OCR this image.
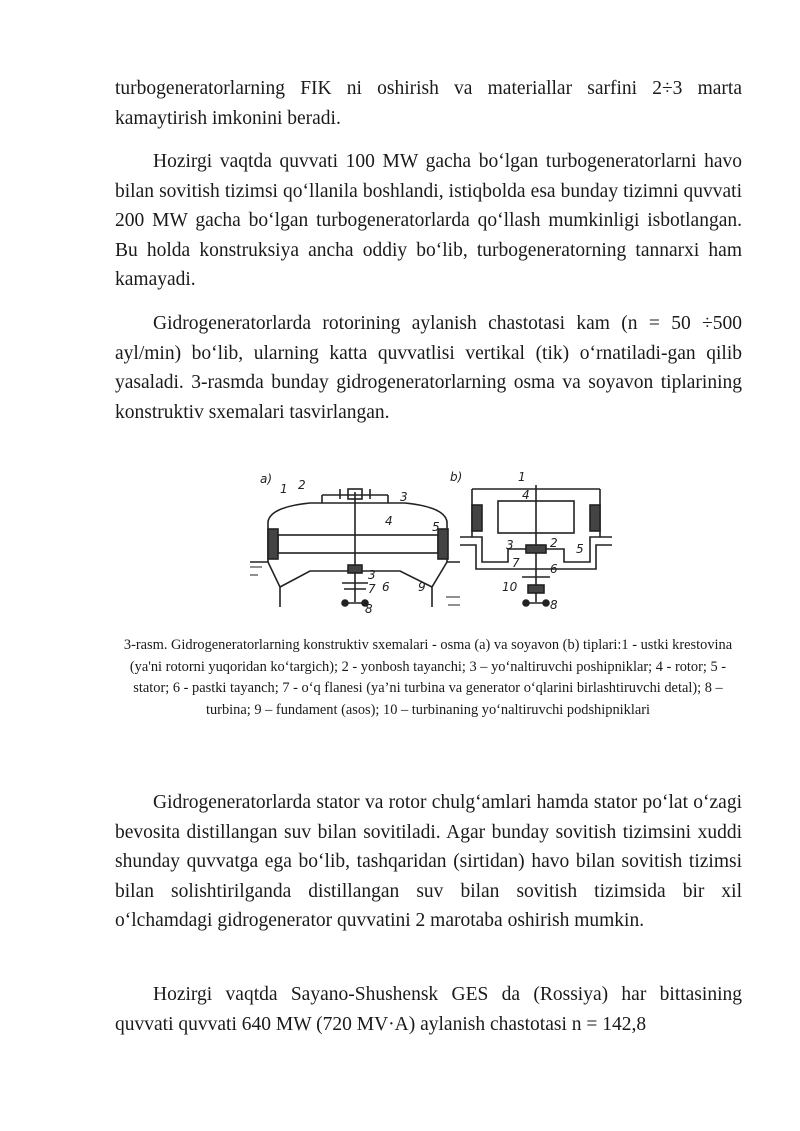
turbogeneratorlarning FIK ni oshirish va materiallar sarfini 2÷3 marta kamaytirish imkonini beradi.

Hozirgi vaqtda quvvati 100 MW gacha bo‘lgan turbogeneratorlarni havo bilan sovitish tizimsi qo‘llanila boshlandi, istiqbolda esa bunday tizimni quvvati 200 MW gacha bo‘lgan turbogeneratorlarda qo‘llash mumkinligi isbotlangan. Bu holda konstruksiya ancha oddiy bo‘lib, turbogeneratorning tannarxi ham kamayadi.

Gidrogeneratorlarda rotorining aylanish chastotasi kam (n = 50 ÷500 ayl/min) bo‘lib, ularning katta quvvatlisi vertikal (tik) o‘rnatiladi-gan qilib yasaladi. 3-rasmda bunday gidrogeneratorlarning osma va soyavon tiplarining konstruktiv sxemalari tasvirlangan.

a)	b)
1 2
3
4	5
3
7
8
6 9
1
4
3	2 5
7	6
10
8

3-rasm. Gidrogeneratorlarning konstruktiv sxemalari - osma (a) va soyavon (b) tiplari:1 - ustki krestovina (ya'ni rotorni yuqoridan ko‘targich); 2 - yonbosh tayanchi; 3 – yo‘naltiruvchi poshipniklar; 4 - rotor; 5 - stator; 6 - pastki tayanch; 7 - o‘q flanesi (ya’ni turbina va generator o‘qlarini birlashtiruvchi detal); 8 – turbina; 9 – fundament (asos); 10 – turbinaning yo‘naltiruvchi podshipniklari

Gidrogeneratorlarda stator va rotor chulg‘amlari hamda stator po‘lat o‘zagi bevosita distillangan suv bilan sovitiladi. Agar bunday sovitish tizimsini xuddi shunday quvvatga ega bo‘lib, tashqaridan (sirtidan) havo bilan sovitish tizimsi bilan solishtirilganda distillangan suv bilan sovitish tizimsida bir xil o‘lchamdagi gidrogenerator quvvatini 2 marotaba oshirish mumkin.

Hozirgi vaqtda Sayano-Shushensk GES da (Rossiya) har bittasining quvvati quvvati 640 MW (720 MV·A) aylanish chastotasi n = 142,8
